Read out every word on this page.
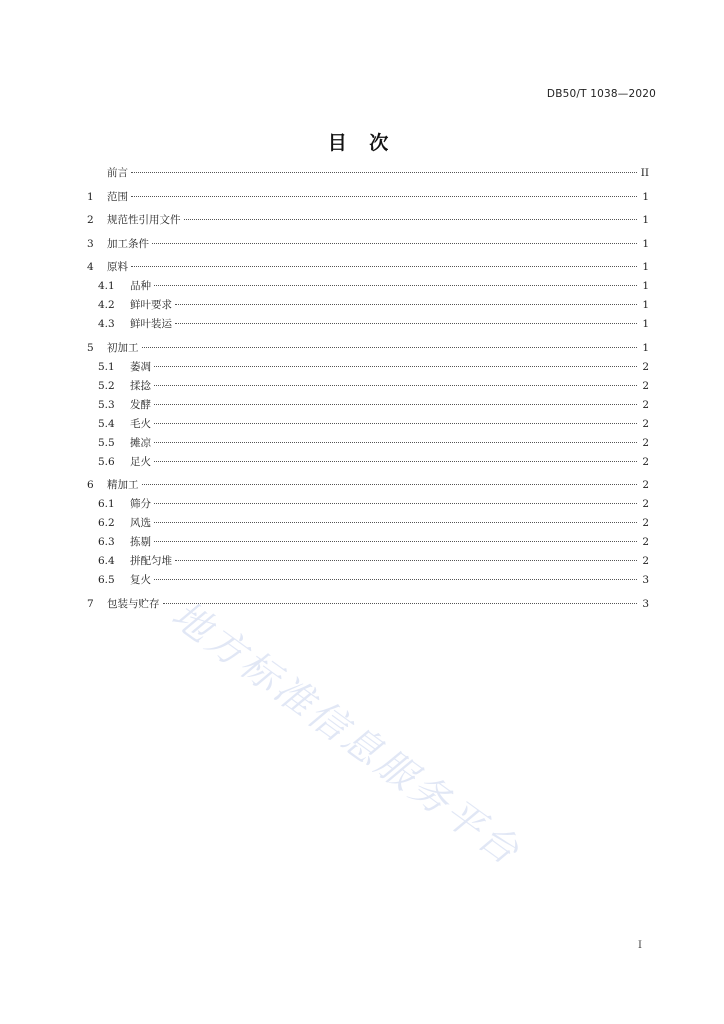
DB50/T 1038—2020
目 次
前言	II
1	范围	1
2	规范性引用文件	1
3	加工条件	1
4	原料	1
4.1	品种	1
4.2	鲜叶要求	1
4.3	鲜叶装运	1
5	初加工	1
5.1	萎凋	2
5.2	揉捻	2
5.3	发酵	2
5.4	毛火	2
5.5	摊凉	2
5.6	足火	2
6	精加工	2
6.1	筛分	2
6.2	风选	2
6.3	拣剔	2
6.4	拼配匀堆	2
6.5	复火	3
7	包装与贮存	3
地方标准信息服务平台
I
